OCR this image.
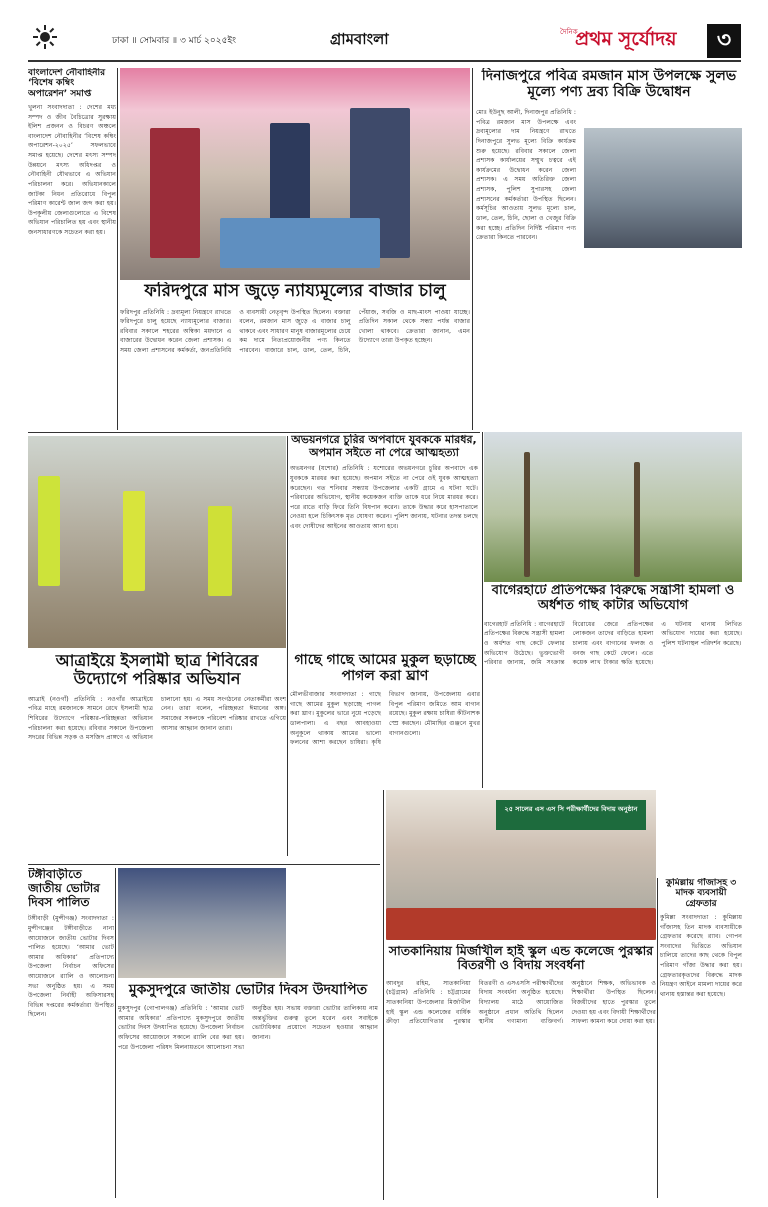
ঢাকা ॥ সোমবার ॥ ৩ মার্চ ২০২৫ইং	গ্রামবাংলা	দৈনিক
প্রথম সূর্যোদয়	৩
বাংলাদেশ নৌবাহিনীর ‘বিশেষ কম্বিং অপারেশন’ সমাপ্ত
খুলনা সংবাদদাতা : দেশের মধ্য সম্পদ ও জীব বৈচিত্র্যের সুরক্ষায় ইলিশ প্রজনন ও বিচরণ অঞ্চলে বাংলাদেশ নৌবাহিনীর ‘বিশেষ কম্বিং অপারেশন-২০২৫’ সফলভাবে সমাপ্ত হয়েছে। দেশের মৎস্য সম্পদ উন্নয়নে মৎস্য অধিদপ্তর ও নৌবাহিনী যৌথভাবে এ অভিযান পরিচালনা করে। অভিযানকালে জাটকা নিধন প্রতিরোধে বিপুল পরিমাণ কারেন্ট জাল জব্দ করা হয়। উপকূলীয় জেলাগুলোতে এ বিশেষ অভিযান পরিচালিত হয় এবং স্থানীয় জনসাধারণকে সচেতন করা হয়।
ফরিদপুরে মাস জুড়ে ন্যায্যমূল্যের বাজার চালু
ফরিদপুর প্রতিনিধি : দ্রব্যমূল্য নিয়ন্ত্রণে রাখতে ফরিদপুরে চালু হয়েছে ন্যায্যমূল্যের বাজার। রবিবার সকালে শহরের অম্বিকা ময়দানে এ বাজারের উদ্বোধন করেন জেলা প্রশাসক। এ সময় জেলা প্রশাসনের কর্মকর্তা, জনপ্রতিনিধি ও ব্যবসায়ী নেতৃবৃন্দ উপস্থিত ছিলেন। বক্তারা বলেন, রমজান মাস জুড়ে এ বাজার চালু থাকবে এবং সাধারণ মানুষ বাজারমূল্যের চেয়ে কম দামে নিত্যপ্রয়োজনীয় পণ্য কিনতে পারবেন। বাজারে চাল, ডাল, তেল, চিনি, পেঁয়াজ, সবজি ও মাছ-মাংস পাওয়া যাচ্ছে। প্রতিদিন সকাল থেকে সন্ধ্যা পর্যন্ত বাজার খোলা থাকবে। ক্রেতারা জানান, এমন উদ্যোগে তারা উপকৃত হচ্ছেন।
দিনাজপুরে পবিত্র রমজান মাস উপলক্ষে সুলভ মূল্যে পণ্য দ্রব্য বিক্রি উদ্বোধন
মোঃ ইউনুছ আলী, দিনাজপুর প্রতিনিধি : পবিত্র রমজান মাস উপলক্ষে এবং দ্রব্যমূল্যের দাম নিয়ন্ত্রণে রাখতে দিনাজপুরে সুলভ মূল্যে বিক্রি কার্যক্রম শুরু হয়েছে। রবিবার সকালে জেলা প্রশাসক কার্যালয়ের সম্মুখ চত্বরে এই কার্যক্রমের উদ্বোধন করেন জেলা প্রশাসক। এ সময় অতিরিক্ত জেলা প্রশাসক, পুলিশ সুপারসহ জেলা প্রশাসনের কর্মকর্তারা উপস্থিত ছিলেন। কর্মসূচির আওতায় সুলভ মূল্যে চাল, ডাল, তেল, চিনি, ছোলা ও খেজুর বিক্রি করা হচ্ছে। প্রতিদিন নির্দিষ্ট পরিমাণ পণ্য ক্রেতারা কিনতে পারবেন।
অভয়নগরে চুরির অপবাদে যুবককে মারধর, অপমান সইতে না পেরে আত্মহত্যা
অভয়নগর (যশোর) প্রতিনিধি : যশোরের অভয়নগরে চুরির অপবাদে এক যুবককে মারধর করা হয়েছে। অপমান সইতে না পেরে ওই যুবক আত্মহত্যা করেছেন। গত শনিবার সন্ধ্যায় উপজেলার একটি গ্রামে এ ঘটনা ঘটে। পরিবারের অভিযোগ, স্থানীয় কয়েকজন ব্যক্তি তাকে ধরে নিয়ে মারধর করে। পরে রাতে বাড়ি ফিরে তিনি বিষপান করেন। তাকে উদ্ধার করে হাসপাতালে নেওয়া হলে চিকিৎসক মৃত ঘোষণা করেন। পুলিশ জানায়, ঘটনার তদন্ত চলছে এবং দোষীদের আইনের আওতায় আনা হবে।
আত্রাইয়ে ইসলামী ছাত্র শিবিরের উদ্যোগে পরিষ্কার অভিযান
আত্রাই (নওগাঁ) প্রতিনিধি : নওগাঁর আত্রাইয়ে পবিত্র মাহে রমজানকে সামনে রেখে ইসলামী ছাত্র শিবিরের উদ্যোগে পরিষ্কার-পরিচ্ছন্নতা অভিযান পরিচালনা করা হয়েছে। রবিবার সকালে উপজেলা সদরের বিভিন্ন সড়ক ও মসজিদ প্রাঙ্গণে এ অভিযান চালানো হয়। এ সময় সংগঠনের নেতাকর্মীরা অংশ নেন। তারা বলেন, পরিচ্ছন্নতা ঈমানের অঙ্গ। সমাজের সকলকে পরিবেশ পরিষ্কার রাখতে এগিয়ে আসার আহ্বান জানান তারা।
বাগেরহাটে প্রতিপক্ষের বিরুদ্ধে সন্ত্রাসী হামলা ও অর্ধশত গাছ কাটার অভিযোগ
বাগেরহাট প্রতিনিধি : বাগেরহাটে প্রতিপক্ষের বিরুদ্ধে সন্ত্রাসী হামলা ও অর্ধশত গাছ কেটে ফেলার অভিযোগ উঠেছে। ভুক্তভোগী পরিবার জানায়, জমি সংক্রান্ত বিরোধের জেরে প্রতিপক্ষের লোকজন তাদের বাড়িতে হামলা চালায় এবং বাগানের ফলজ ও বনজ গাছ কেটে ফেলে। এতে কয়েক লাখ টাকার ক্ষতি হয়েছে। এ ঘটনায় থানায় লিখিত অভিযোগ দায়ের করা হয়েছে। পুলিশ ঘটনাস্থল পরিদর্শন করেছে।
গাছে গাছে আমের মুকুল ছড়াচ্ছে পাগল করা ঘ্রাণ
মৌলভীবাজার সংবাদদাতা : গাছে গাছে আমের মুকুল ছড়াচ্ছে পাগল করা ঘ্রাণ। মুকুলের ভারে নুয়ে পড়েছে ডালপালা। এ বছর আবহাওয়া অনুকূলে থাকায় আমের ভালো ফলনের আশা করছেন চাষিরা। কৃষি বিভাগ জানায়, উপজেলায় এবার বিপুল পরিমাণ জমিতে আম বাগান রয়েছে। মুকুল রক্ষায় চাষিরা কীটনাশক স্প্রে করছেন। মৌমাছির গুঞ্জনে মুখর বাগানগুলো।
কুমিল্লায় গাঁজাসহ ৩ মাদক ব্যবসায়ী গ্রেফতার
কুমিল্লা সংবাদদাতা : কুমিল্লায় গাঁজাসহ তিন মাদক ব্যবসায়ীকে গ্রেফতার করেছে র‌্যাব। গোপন সংবাদের ভিত্তিতে অভিযান চালিয়ে তাদের কাছ থেকে বিপুল পরিমাণ গাঁজা উদ্ধার করা হয়। গ্রেফতারকৃতদের বিরুদ্ধে মাদক নিয়ন্ত্রণ আইনে মামলা দায়ের করে থানায় হস্তান্তর করা হয়েছে।
টঙ্গীবাড়ীতে জাতীয় ভোটার দিবস পালিত
টঙ্গীবাড়ী (মুন্সীগঞ্জ) সংবাদদাতা : মুন্সীগঞ্জের টঙ্গীবাড়ীতে নানা আয়োজনে জাতীয় ভোটার দিবস পালিত হয়েছে। ‘আমার ভোট আমার অধিকার’ প্রতিপাদ্যে উপজেলা নির্বাচন অফিসের আয়োজনে র‍্যালি ও আলোচনা সভা অনুষ্ঠিত হয়। এ সময় উপজেলা নির্বাহী অফিসারসহ বিভিন্ন দপ্তরের কর্মকর্তারা উপস্থিত ছিলেন।
মুকসুদপুরে জাতীয় ভোটার দিবস উদযাপিত
মুকসুদপুর (গোপালগঞ্জ) প্রতিনিধি : ‘আমার ভোট আমার অধিকার’ প্রতিপাদ্যে মুকসুদপুরে জাতীয় ভোটার দিবস উদযাপিত হয়েছে। উপজেলা নির্বাচন অফিসের আয়োজনে সকালে র‍্যালি বের করা হয়। পরে উপজেলা পরিষদ মিলনায়তনে আলোচনা সভা অনুষ্ঠিত হয়। সভায় বক্তারা ভোটার তালিকায় নাম অন্তর্ভুক্তির গুরুত্ব তুলে ধরেন এবং সবাইকে ভোটাধিকার প্রয়োগে সচেতন হওয়ার আহ্বান জানান।
২৫ সালের এস এস সি পরীক্ষার্থীদের বিদায় অনুষ্ঠান
সাতকানিয়ায় মির্জাখীল হাই স্কুল এন্ড কলেজে পুরস্কার বিতরণী ও বিদায় সংবর্ধনা
আবদুর রহিম, সাতকানিয়া (চট্টগ্রাম) প্রতিনিধি : চট্টগ্রামের সাতকানিয়া উপজেলার মির্জাখীল হাই স্কুল এন্ড কলেজের বার্ষিক ক্রীড়া প্রতিযোগিতার পুরস্কার বিতরণী ও এসএসসি পরীক্ষার্থীদের বিদায় সংবর্ধনা অনুষ্ঠিত হয়েছে। বিদ্যালয় মাঠে আয়োজিত অনুষ্ঠানে প্রধান অতিথি ছিলেন স্থানীয় গণ্যমান্য ব্যক্তিবর্গ। অনুষ্ঠানে শিক্ষক, অভিভাবক ও শিক্ষার্থীরা উপস্থিত ছিলেন। বিজয়ীদের হাতে পুরস্কার তুলে দেওয়া হয় এবং বিদায়ী শিক্ষার্থীদের সাফল্য কামনা করে দোয়া করা হয়।
